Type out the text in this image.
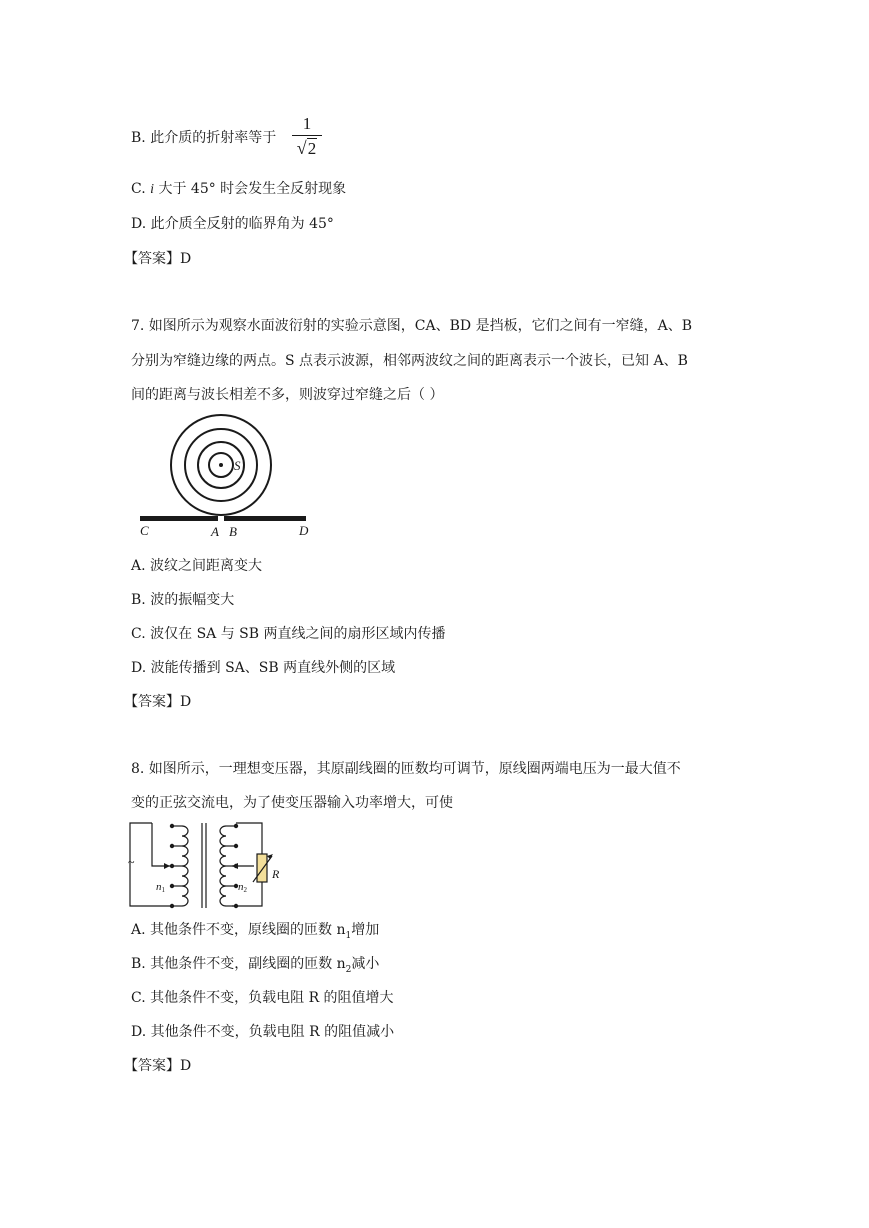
B. 此介质的折射率等于
1
√2
C. i 大于 45° 时会发生全反射现象
D. 此介质全反射的临界角为 45°
【答案】D
7. 如图所示为观察水面波衍射的实验示意图，CA、BD 是挡板，它们之间有一窄缝，A、B
分别为窄缝边缘的两点。S 点表示波源，相邻两波纹之间的距离表示一个波长，已知 A、B
间的距离与波长相差不多，则波穿过窄缝之后（ ）
S
C	A B	D
A. 波纹之间距离变大
B. 波的振幅变大
C. 波仅在 SA 与 SB 两直线之间的扇形区域内传播
D. 波能传播到 SA、SB 两直线外侧的区域
【答案】D
8. 如图所示，一理想变压器，其原副线圈的匝数均可调节，原线圈两端电压为一最大值不
变的正弦交流电，为了使变压器输入功率增大，可使
~
n1	n2
R
A. 其他条件不变，原线圈的匝数 $n_1$增加
B. 其他条件不变，副线圈的匝数 $n_2$减小
C. 其他条件不变，负载电阻 R 的阻值增大
D. 其他条件不变，负载电阻 R 的阻值减小
【答案】D
